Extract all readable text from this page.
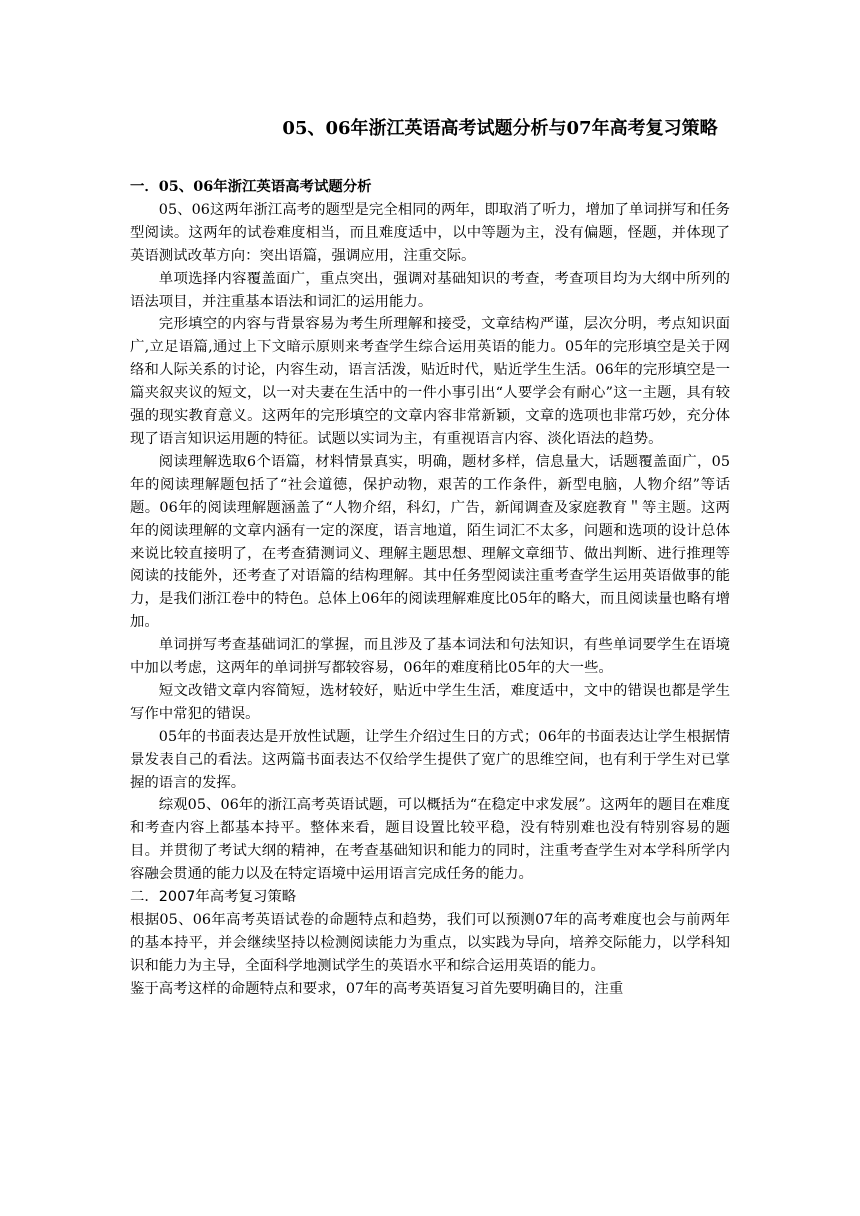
05、06年浙江英语高考试题分析与07年高考复习策略

一．05、06年浙江英语高考试题分析

05、06这两年浙江高考的题型是完全相同的两年，即取消了听力，增加了单词拼写和任务型阅读。这两年的试卷难度相当，而且难度适中，以中等题为主，没有偏题，怪题，并体现了英语测试改革方向：突出语篇，强调应用，注重交际。

单项选择内容覆盖面广，重点突出，强调对基础知识的考查，考查项目均为大纲中所列的语法项目，并注重基本语法和词汇的运用能力。

完形填空的内容与背景容易为考生所理解和接受，文章结构严谨，层次分明，考点知识面广,立足语篇,通过上下文暗示原则来考查学生综合运用英语的能力。05年的完形填空是关于网络和人际关系的讨论，内容生动，语言活泼，贴近时代，贴近学生生活。06年的完形填空是一篇夹叙夹议的短文，以一对夫妻在生活中的一件小事引出“人要学会有耐心”这一主题，具有较强的现实教育意义。这两年的完形填空的文章内容非常新颖，文章的选项也非常巧妙，充分体现了语言知识运用题的特征。试题以实词为主，有重视语言内容、淡化语法的趋势。

阅读理解选取6个语篇，材料情景真实，明确，题材多样，信息量大，话题覆盖面广，05年的阅读理解题包括了“社会道德，保护动物，艰苦的工作条件，新型电脑，人物介绍”等话题。06年的阅读理解题涵盖了“人物介绍，科幻，广告，新闻调查及家庭教育＂等主题。这两年的阅读理解的文章内涵有一定的深度，语言地道，陌生词汇不太多，问题和选项的设计总体来说比较直接明了，在考查猜测词义、理解主题思想、理解文章细节、做出判断、进行推理等阅读的技能外，还考查了对语篇的结构理解。其中任务型阅读注重考查学生运用英语做事的能力，是我们浙江卷中的特色。总体上06年的阅读理解难度比05年的略大，而且阅读量也略有增加。

单词拼写考查基础词汇的掌握，而且涉及了基本词法和句法知识，有些单词要学生在语境中加以考虑，这两年的单词拼写都较容易，06年的难度稍比05年的大一些。

短文改错文章内容简短，选材较好，贴近中学生生活，难度适中，文中的错误也都是学生写作中常犯的错误。

05年的书面表达是开放性试题，让学生介绍过生日的方式；06年的书面表达让学生根据情景发表自己的看法。这两篇书面表达不仅给学生提供了宽广的思维空间，也有利于学生对已掌握的语言的发挥。

综观05、06年的浙江高考英语试题，可以概括为“在稳定中求发展”。这两年的题目在难度和考查内容上都基本持平。整体来看，题目设置比较平稳，没有特别难也没有特别容易的题目。并贯彻了考试大纲的精神，在考查基础知识和能力的同时，注重考查学生对本学科所学内容融会贯通的能力以及在特定语境中运用语言完成任务的能力。

二．2007年高考复习策略

根据05、06年高考英语试卷的命题特点和趋势，我们可以预测07年的高考难度也会与前两年的基本持平，并会继续坚持以检测阅读能力为重点，以实践为导向，培养交际能力，以学科知识和能力为主导，全面科学地测试学生的英语水平和综合运用英语的能力。

鉴于高考这样的命题特点和要求，07年的高考英语复习首先要明确目的，注重
